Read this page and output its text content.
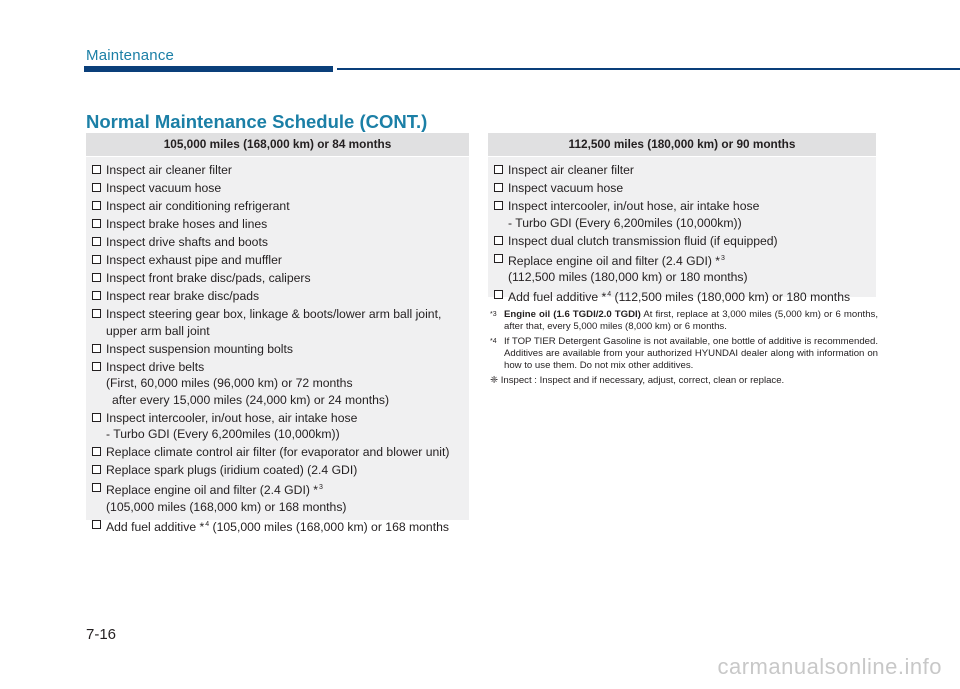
Maintenance
Normal Maintenance Schedule (CONT.)
105,000 miles (168,000 km) or 84 months
Inspect air cleaner filter
Inspect vacuum hose
Inspect air conditioning refrigerant
Inspect brake hoses and lines
Inspect drive shafts and boots
Inspect exhaust pipe and muffler
Inspect front brake disc/pads, calipers
Inspect rear brake disc/pads
Inspect steering gear box, linkage & boots/lower arm ball joint,
upper arm ball joint
Inspect suspension mounting bolts
Inspect drive belts
(First, 60,000 miles (96,000 km) or 72 months
after every 15,000 miles (24,000 km) or 24 months)
Inspect intercooler, in/out hose, air intake hose
- Turbo GDI (Every 6,200miles (10,000km))
Replace climate control air filter (for evaporator and blower unit)
Replace spark plugs (iridium coated) (2.4 GDI)
Replace engine oil and filter (2.4 GDI) *$^3$
(105,000 miles (168,000 km) or 168 months)
Add fuel additive *$^4$ (105,000 miles (168,000 km) or 168 months
112,500 miles (180,000 km) or 90 months
Inspect air cleaner filter
Inspect vacuum hose
Inspect intercooler, in/out hose, air intake hose
- Turbo GDI (Every 6,200miles (10,000km))
Inspect dual clutch transmission fluid (if equipped)
Replace engine oil and filter (2.4 GDI) *$^3$
(112,500 miles (180,000 km) or 180 months)
Add fuel additive *$^4$ (112,500 miles (180,000 km) or 180 months
*3 Engine oil (1.6 TGDI/2.0 TGDI) At first, replace at 3,000 miles (5,000 km) or 6 months, after that, every 5,000 miles (8,000 km) or 6 months.
*4 If TOP TIER Detergent Gasoline is not available, one bottle of additive is recommended. Additives are available from your authorized HYUNDAI dealer along with information on how to use them. Do not mix other additives.
❈ Inspect : Inspect and if necessary, adjust, correct, clean or replace.
7-16
carmanualsonline.info
